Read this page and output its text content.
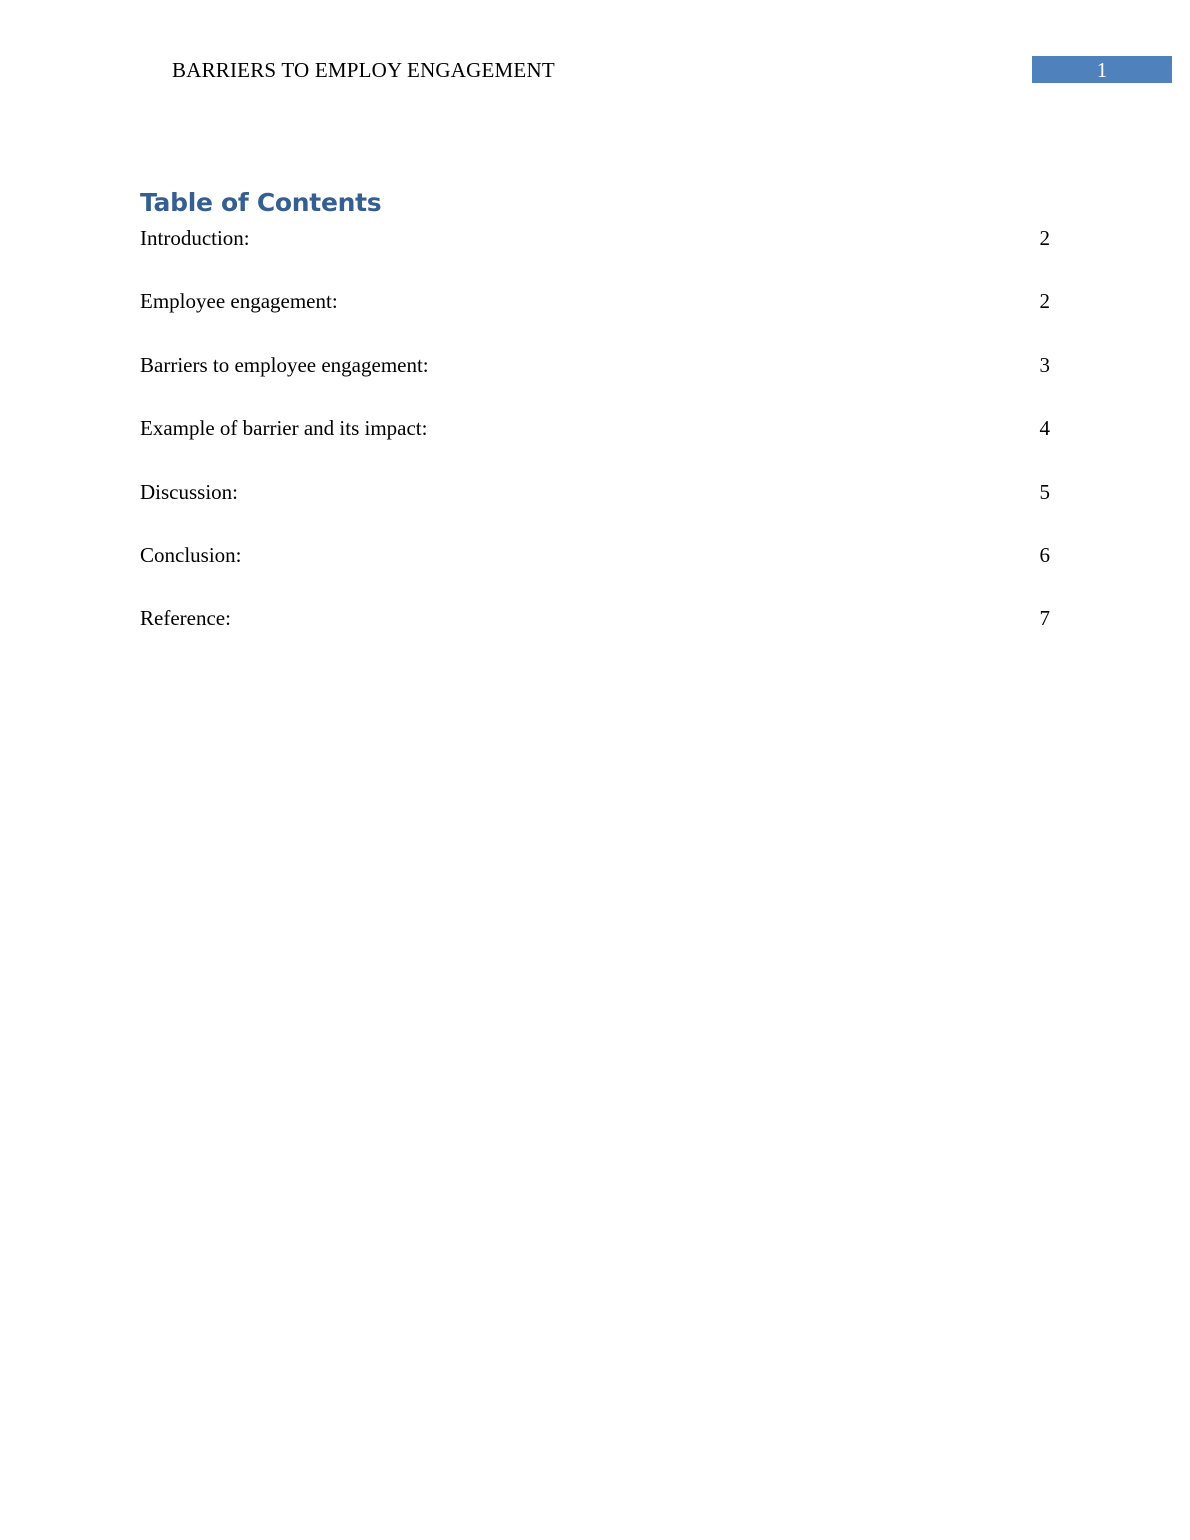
BARRIERS TO EMPLOY ENGAGEMENT	1
Table of Contents
Introduction:	2
Employee engagement:	2
Barriers to employee engagement:	3
Example of barrier and its impact:	4
Discussion:	5
Conclusion:	6
Reference:	7
